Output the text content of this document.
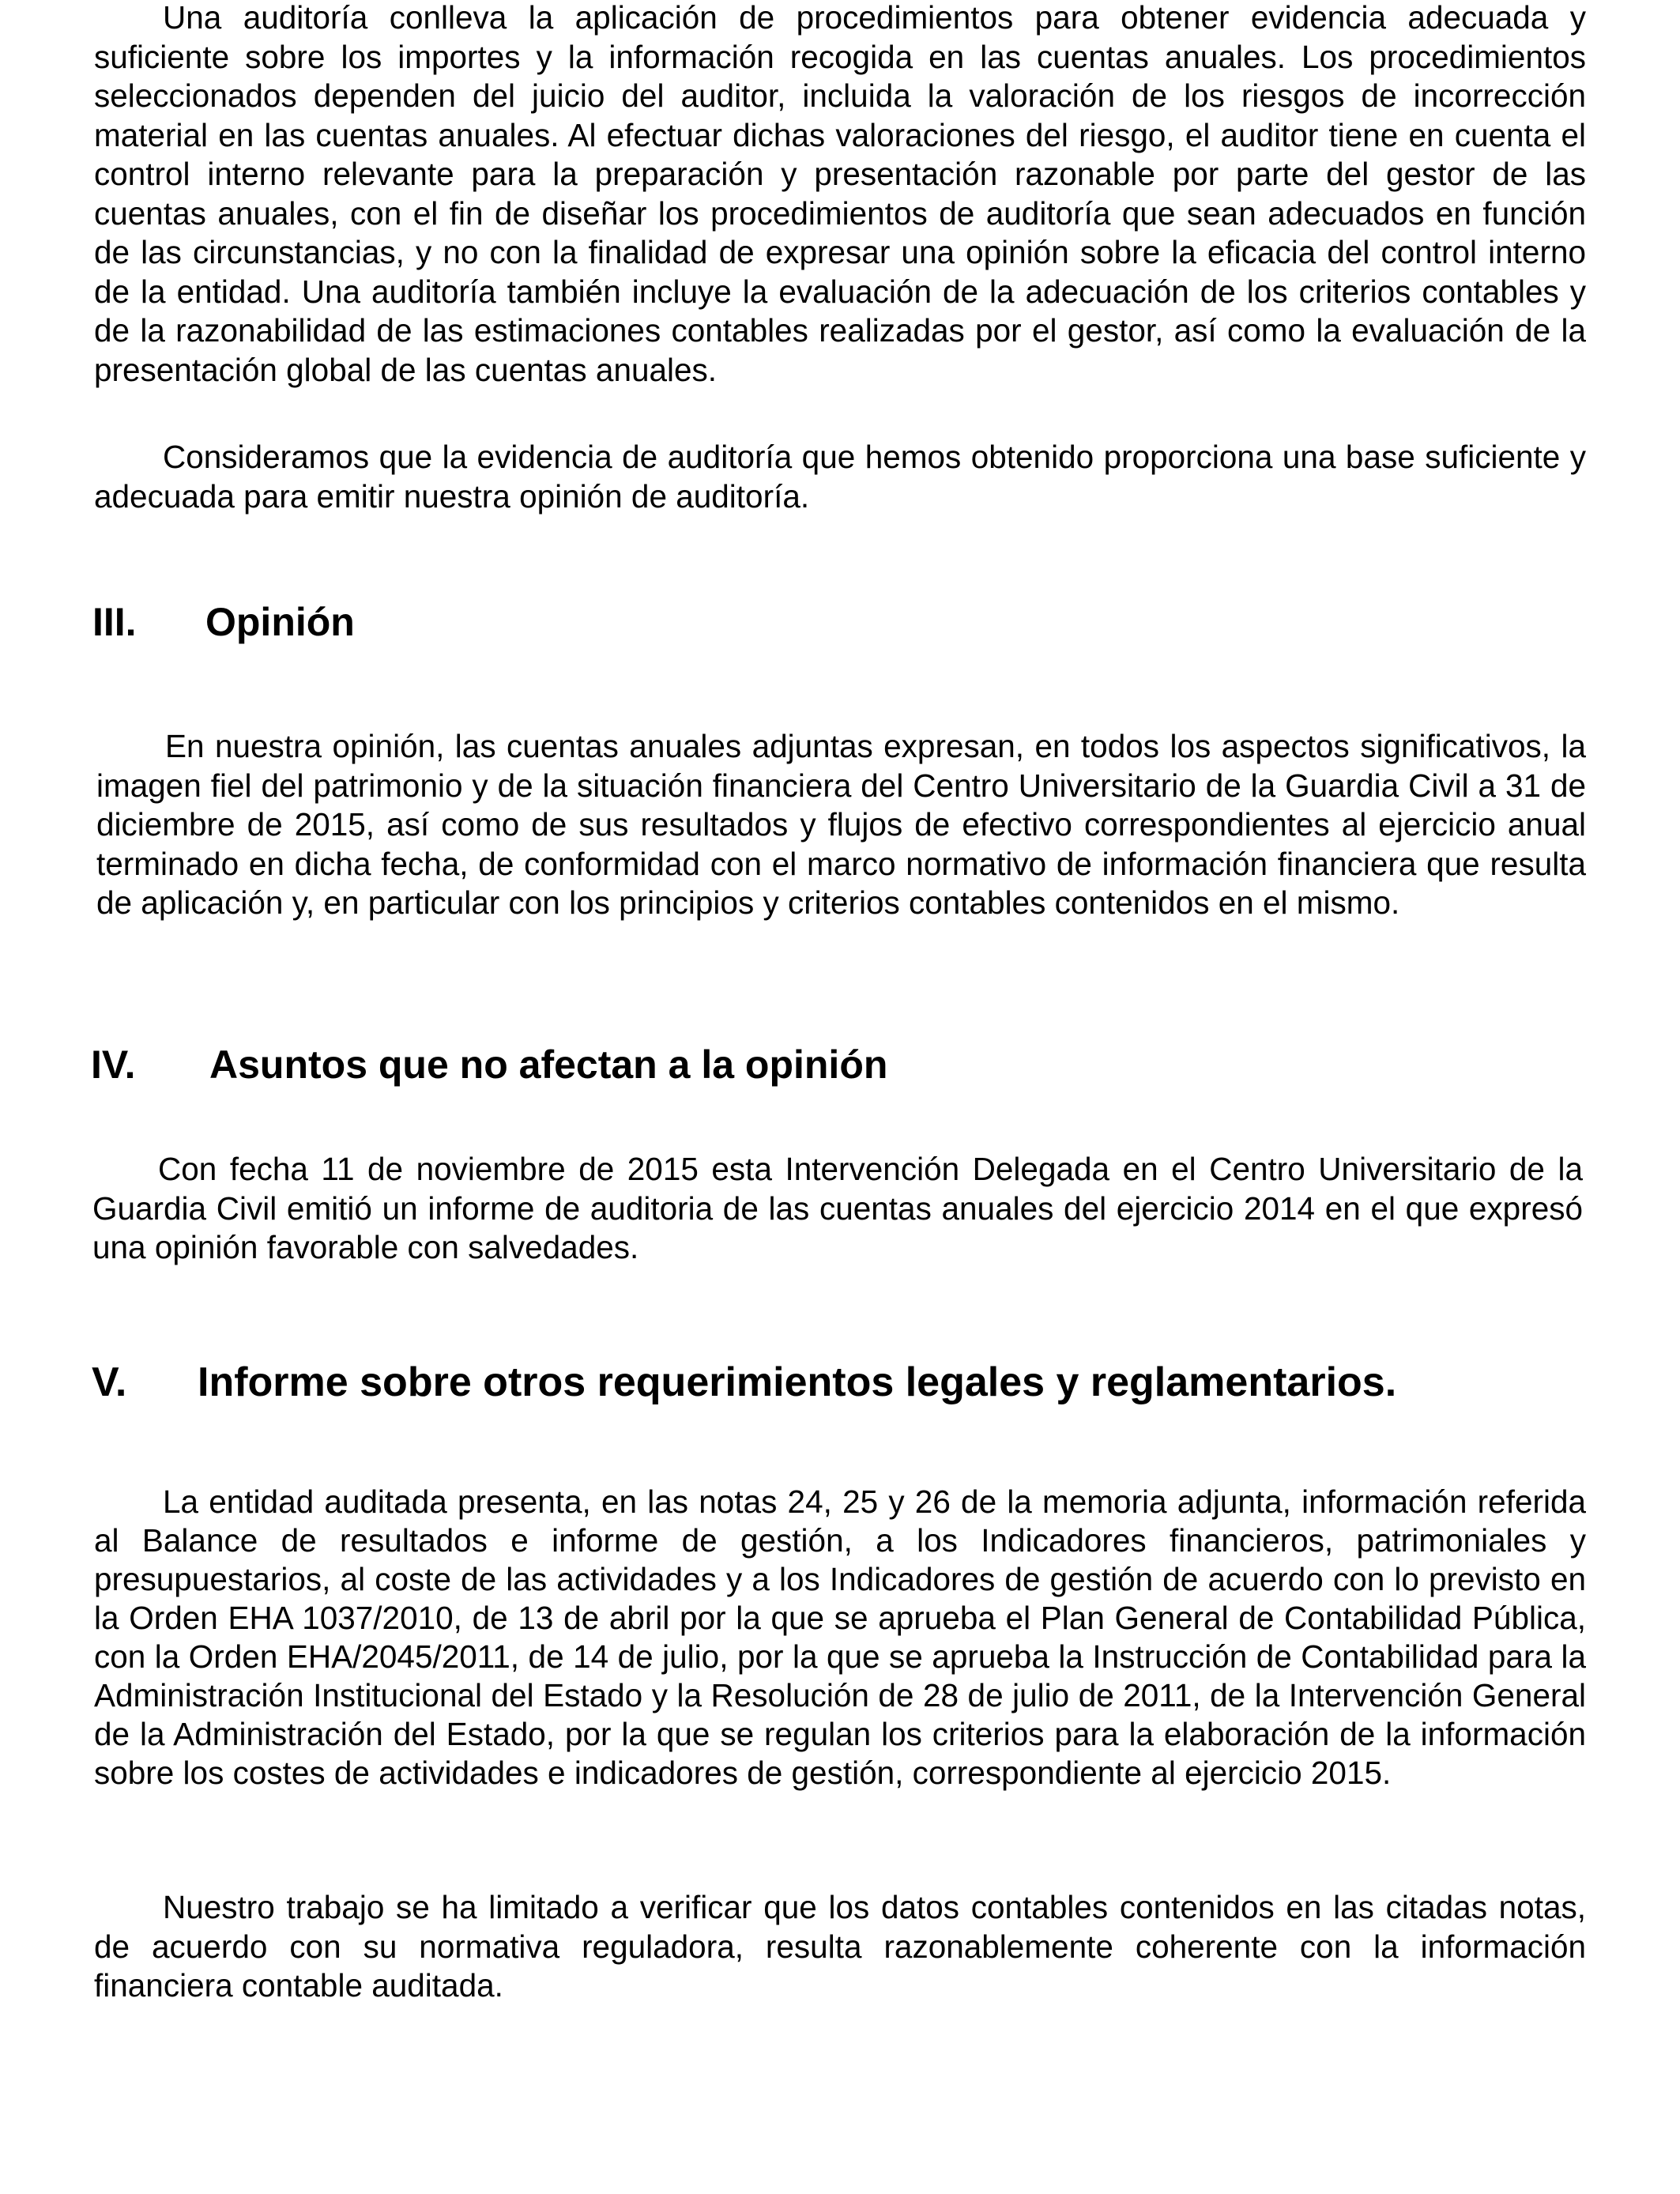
Una auditoría conlleva la aplicación de procedimientos para obtener evidencia adecuada y suficiente sobre los importes y la información recogida en las cuentas anuales. Los procedimientos seleccionados dependen del juicio del auditor, incluida la valoración de los riesgos de incorrección material en las cuentas anuales. Al efectuar dichas valoraciones del riesgo, el auditor tiene en cuenta el control interno relevante para la preparación y presentación razonable por parte del gestor de las cuentas anuales, con el fin de diseñar los procedimientos de auditoría que sean adecuados en función de las circunstancias, y no con la finalidad de expresar una opinión sobre la eficacia del control interno de la entidad. Una auditoría también incluye la evaluación de la adecuación de los criterios contables y de la razonabilidad de las estimaciones contables realizadas por el gestor, así como la evaluación de la presentación global de las cuentas anuales.

Consideramos que la evidencia de auditoría que hemos obtenido proporciona una base suficiente y adecuada para emitir nuestra opinión de auditoría.

III. Opinión

En nuestra opinión, las cuentas anuales adjuntas expresan, en todos los aspectos significativos, la imagen fiel del patrimonio y de la situación financiera del Centro Universitario de la Guardia Civil a 31 de diciembre de 2015, así como de sus resultados y flujos de efectivo correspondientes al ejercicio anual terminado en dicha fecha, de conformidad con el marco normativo de información financiera que resulta de aplicación y, en particular con los principios y criterios contables contenidos en el mismo.

IV. Asuntos que no afectan a la opinión

Con fecha 11 de noviembre de 2015 esta Intervención Delegada en el Centro Universitario de la Guardia Civil emitió un informe de auditoria de las cuentas anuales del ejercicio 2014 en el que expresó una opinión favorable con salvedades.

V. Informe sobre otros requerimientos legales y reglamentarios.

La entidad auditada presenta, en las notas 24, 25 y 26 de la memoria adjunta, información referida al Balance de resultados e informe de gestión, a los Indicadores financieros, patrimoniales y presupuestarios, al coste de las actividades y a los Indicadores de gestión de acuerdo con lo previsto en la Orden EHA 1037/2010, de 13 de abril por la que se aprueba el Plan General de Contabilidad Pública, con la Orden EHA/2045/2011, de 14 de julio, por la que se aprueba la Instrucción de Contabilidad para la Administración Institucional del Estado y la Resolución de 28 de julio de 2011, de la Intervención General de la Administración del Estado, por la que se regulan los criterios para la elaboración de la información sobre los costes de actividades e indicadores de gestión, correspondiente al ejercicio 2015.

Nuestro trabajo se ha limitado a verificar que los datos contables contenidos en las citadas notas, de acuerdo con su normativa reguladora, resulta razonablemente coherente con la información financiera contable auditada.
